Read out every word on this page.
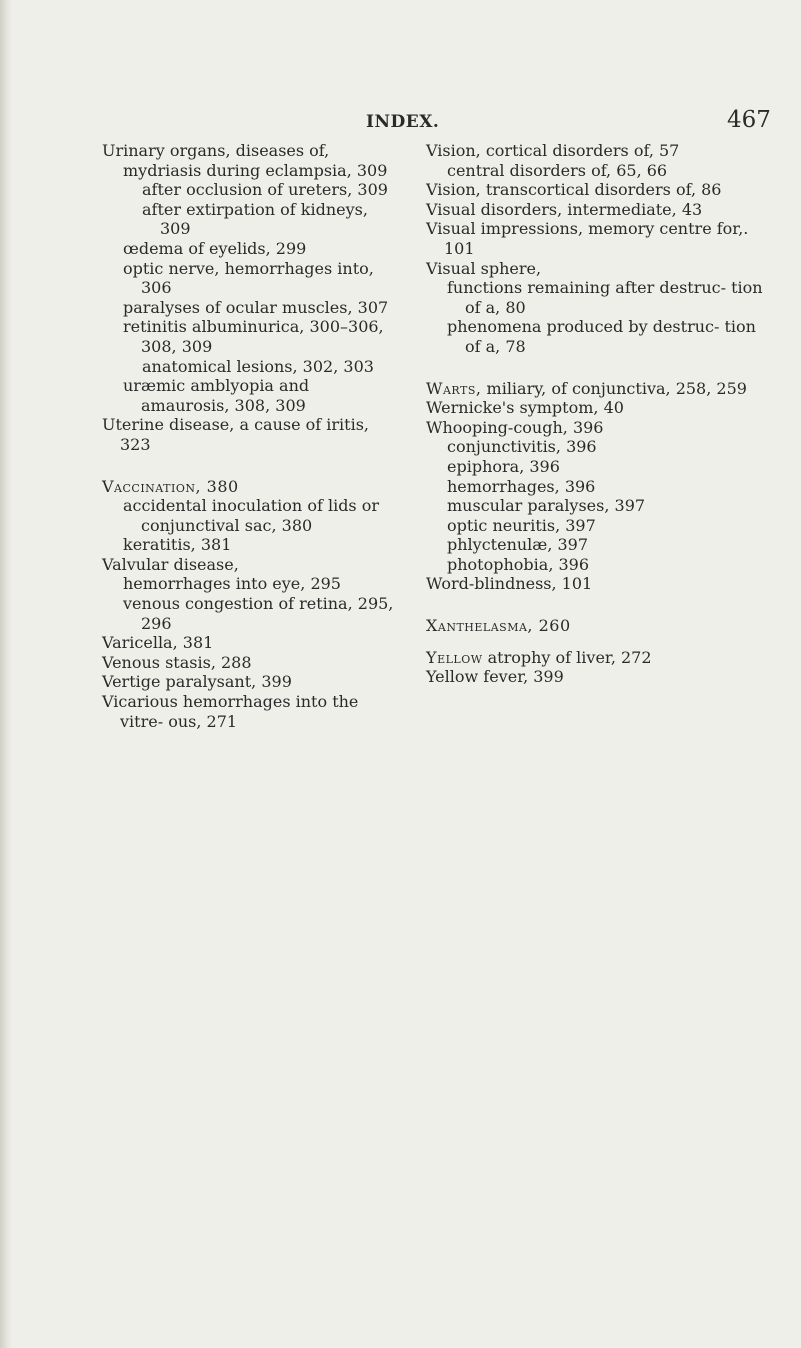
INDEX.	467

Urinary organs, diseases of,

mydriasis during eclampsia, 309

after occlusion of ureters, 309

after extirpation of kidneys, 309

œdema of eyelids, 299

optic nerve, hemorrhages into, 306

paralyses of ocular muscles, 307

retinitis albuminurica, 300–306, 308, 309

anatomical lesions, 302, 303

uræmic amblyopia and amaurosis, 308, 309

Uterine disease, a cause of iritis, 323

Vaccination, 380

accidental inoculation of lids or conjunctival sac, 380

keratitis, 381

Valvular disease,

hemorrhages into eye, 295

venous congestion of retina, 295, 296

Varicella, 381

Venous stasis, 288

Vertige paralysant, 399

Vicarious hemorrhages into the vitre- ous, 271

Vision, cortical disorders of, 57

central disorders of, 65, 66

Vision, transcortical disorders of, 86

Visual disorders, intermediate, 43

Visual impressions, memory centre for,. 101

Visual sphere,

functions remaining after destruc- tion of a, 80

phenomena produced by destruc- tion of a, 78

Warts, miliary, of conjunctiva, 258, 259

Wernicke's symptom, 40

Whooping-cough, 396

conjunctivitis, 396

epiphora, 396

hemorrhages, 396

muscular paralyses, 397

optic neuritis, 397

phlyctenulæ, 397

photophobia, 396

Word-blindness, 101

Xanthelasma, 260

Yellow atrophy of liver, 272

Yellow fever, 399
